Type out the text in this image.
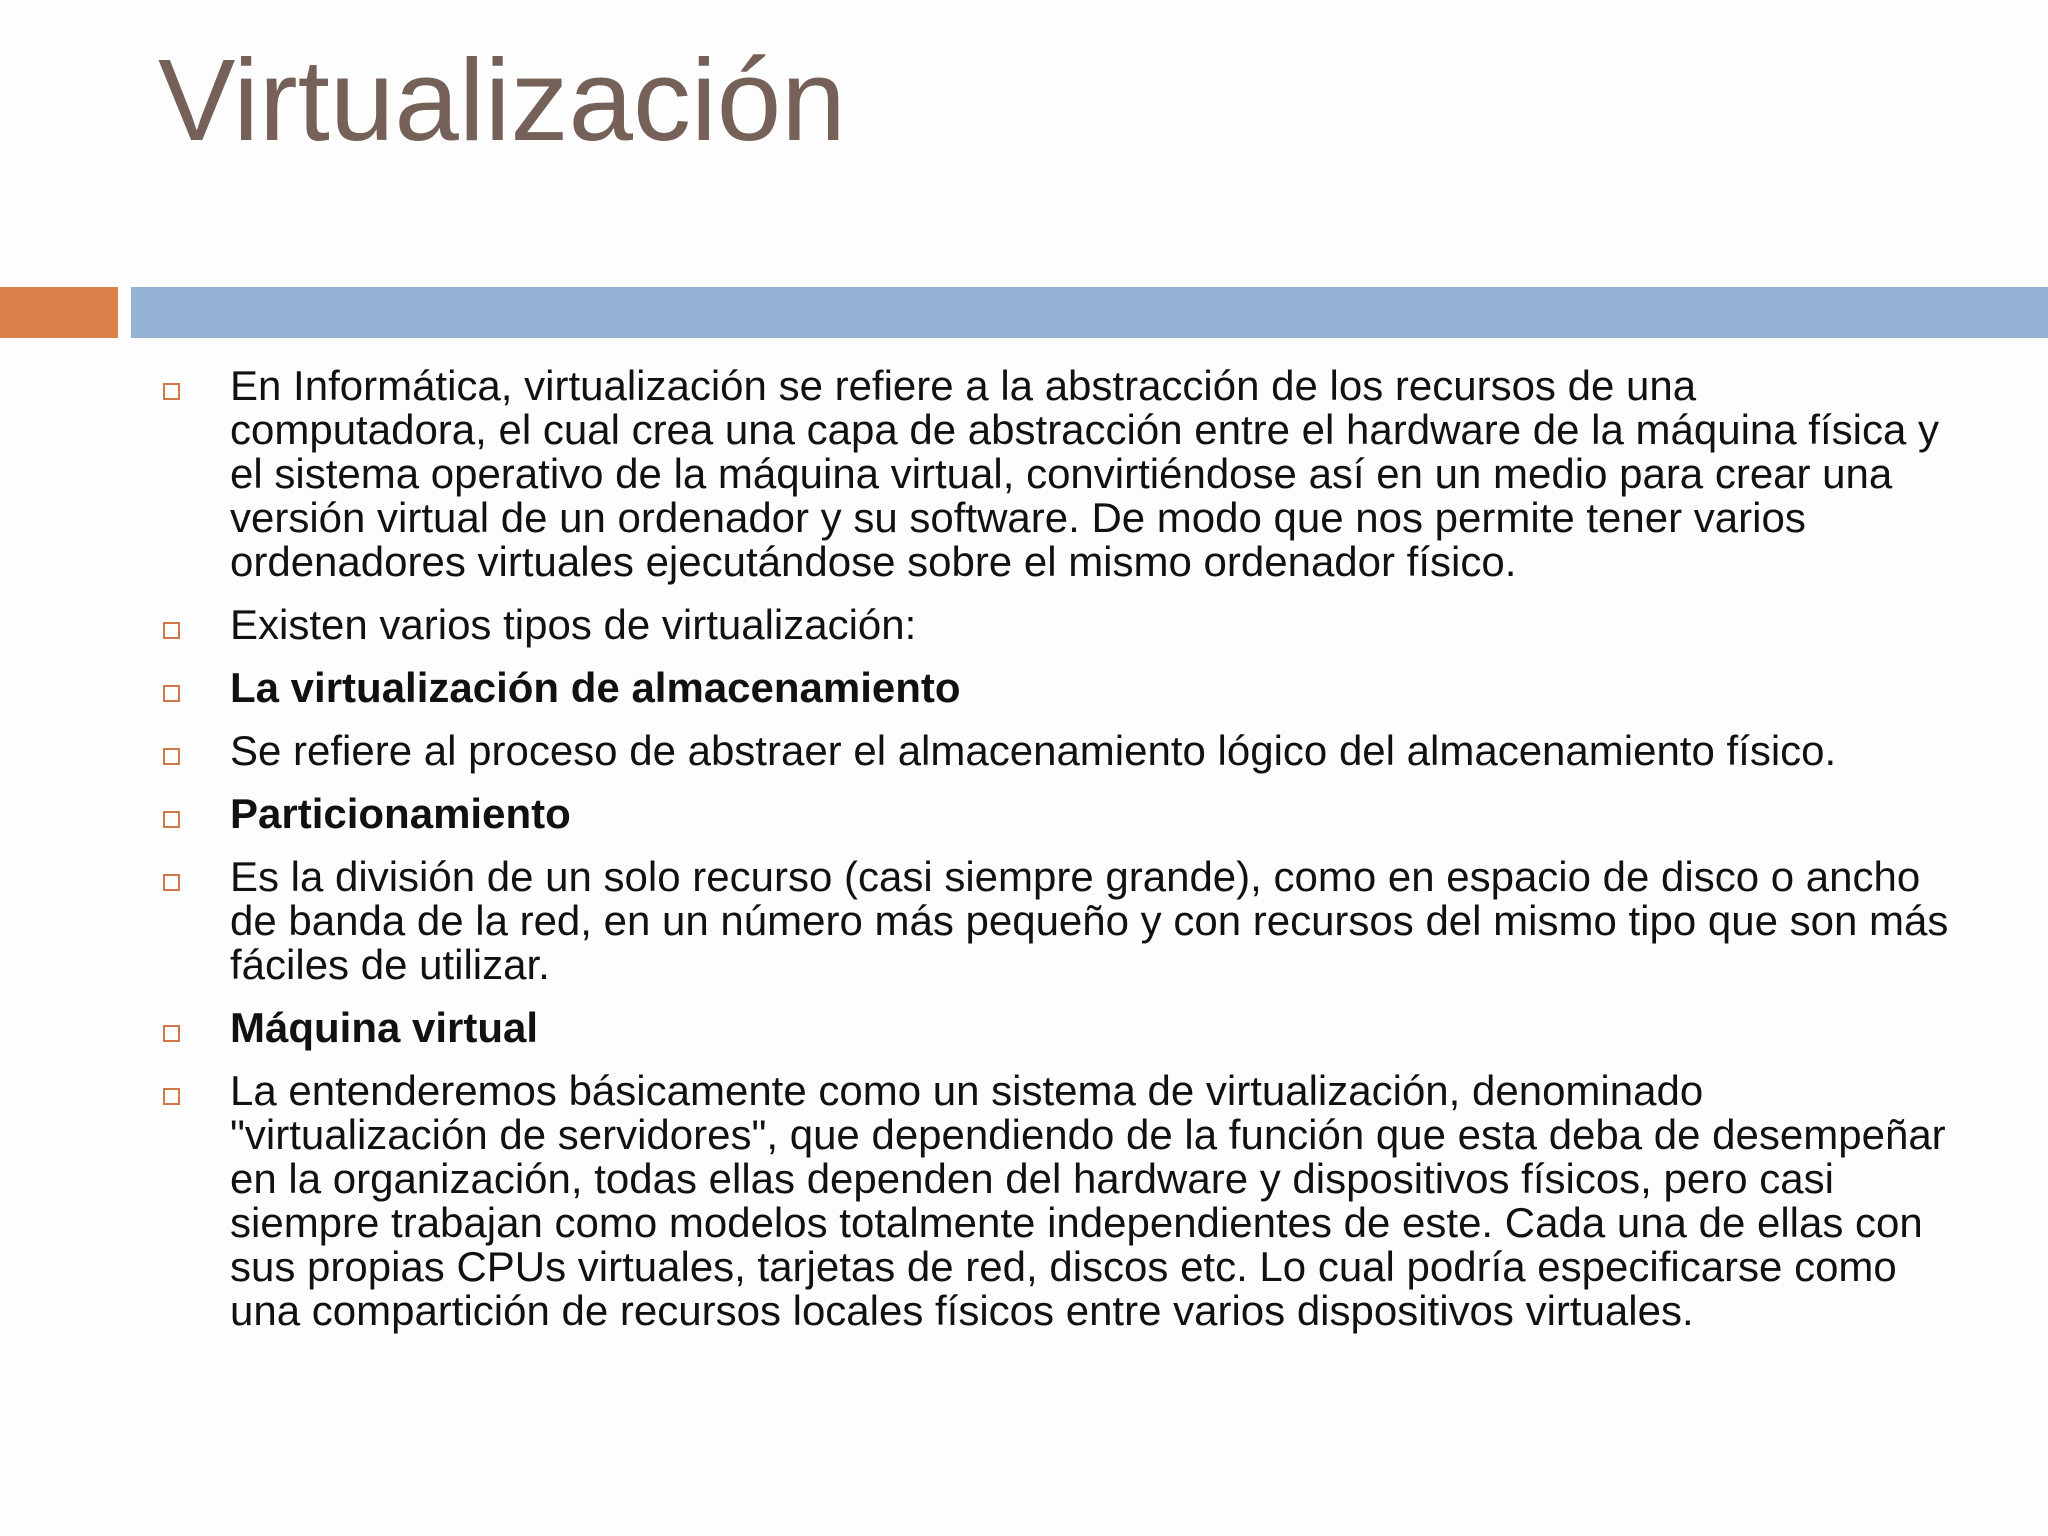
Virtualización
En Informática, virtualización se refiere a la abstracción de los recursos de una computadora, el cual crea una capa de abstracción entre el hardware de la máquina física y el sistema operativo de la máquina virtual, convirtiéndose así en un medio para crear una versión virtual de un ordenador y su software. De modo que nos permite tener varios ordenadores virtuales ejecutándose sobre el mismo ordenador físico.
Existen varios tipos de virtualización:
La virtualización de almacenamiento
Se refiere al proceso de abstraer el almacenamiento lógico del almacenamiento físico.
Particionamiento
Es la división de un solo recurso (casi siempre grande), como en espacio de disco o ancho de banda de la red, en un número más pequeño y con recursos del mismo tipo que son más fáciles de utilizar.
Máquina virtual
La entenderemos básicamente como un sistema de virtualización, denominado "virtualización de servidores", que dependiendo de la función que esta deba de desempeñar en la organización, todas ellas dependen del hardware y dispositivos físicos, pero casi siempre trabajan como modelos totalmente independientes de este. Cada una de ellas con sus propias CPUs virtuales, tarjetas de red, discos etc. Lo cual podría especificarse como una compartición de recursos locales físicos entre varios dispositivos virtuales.
